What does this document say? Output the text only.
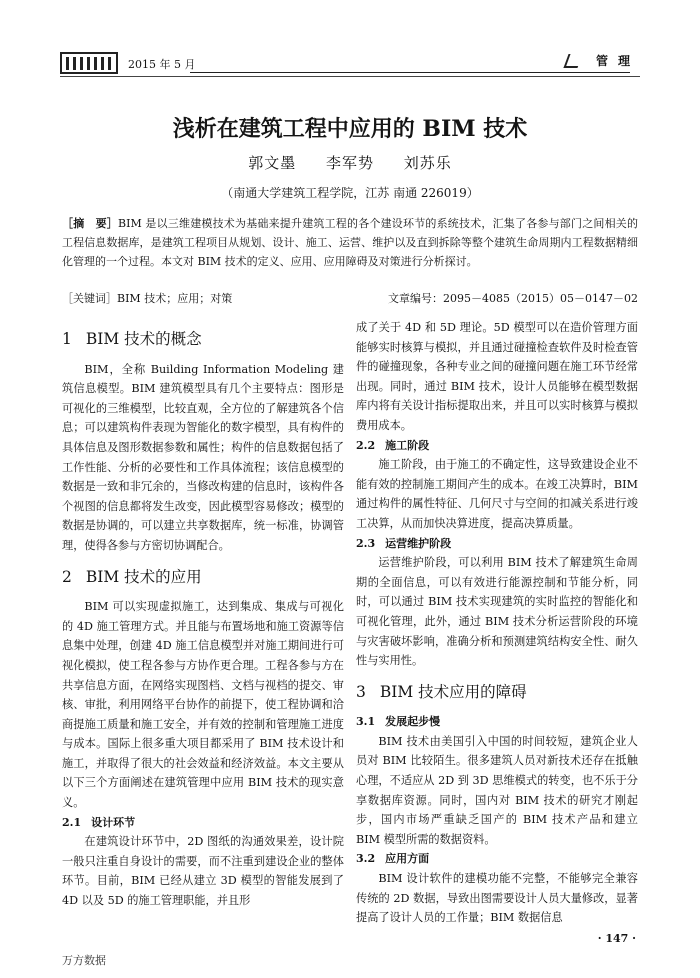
2015 年 5 月	管理
浅析在建筑工程中应用的 BIM 技术
郭文墨 李军势 刘苏乐
（南通大学建筑工程学院，江苏 南通 226019）
［摘　要］BIM 是以三维建模技术为基础来提升建筑工程的各个建设环节的系统技术，汇集了各参与部门之间相关的工程信息数据库，是建筑工程项目从规划、设计、施工、运营、维护以及直到拆除等整个建筑生命周期内工程数据精细化管理的一个过程。本文对 BIM 技术的定义、应用、应用障碍及对策进行分析探讨。
［关键词］BIM 技术；应用；对策	文章编号：2095－4085（2015）05－0147－02
1 BIM 技术的概念

BIM，全称 Building Information Modeling 建筑信息模型。BIM 建筑模型具有几个主要特点：图形是可视化的三维模型，比较直观，全方位的了解建筑各个信息；可以建筑构件表现为智能化的数字模型，具有构件的具体信息及图形数据参数和属性；构件的信息数据包括了工作性能、分析的必要性和工作具体流程；该信息模型的数据是一致和非冗余的，当修改构建的信息时，该构件各个视图的信息都将发生改变，因此模型容易修改；模型的数据是协调的，可以建立共享数据库，统一标准，协调管理，使得各参与方密切协调配合。

2 BIM 技术的应用

BIM 可以实现虚拟施工，达到集成、集成与可视化的 4D 施工管理方式。并且能与布置场地和施工资源等信息集中处理，创建 4D 施工信息模型并对施工期间进行可视化模拟，使工程各参与方协作更合理。工程各参与方在共享信息方面，在网络实现图档、文档与视档的提交、审核、审批，利用网络平台协作的前提下，使工程协调和洽商提施工质量和施工安全，并有效的控制和管理施工进度与成本。国际上很多重大项目都采用了 BIM 技术设计和施工，并取得了很大的社会效益和经济效益。本文主要从以下三个方面阐述在建筑管理中应用 BIM 技术的现实意义。

2.1 设计环节

在建筑设计环节中，2D 图纸的沟通效果差，设计院一般只注重自身设计的需要，而不注重到建设企业的整体环节。目前，BIM 已经从建立 3D 模型的智能发展到了 4D 以及 5D 的施工管理职能，并且形

成了关于 4D 和 5D 理论。5D 模型可以在造价管理方面能够实时核算与模拟，并且通过碰撞检查软件及时检查管件的碰撞现象，各种专业之间的碰撞问题在施工环节经常出现。同时，通过 BIM 技术，设计人员能够在模型数据库内将有关设计指标提取出来，并且可以实时核算与模拟费用成本。

2.2 施工阶段

施工阶段，由于施工的不确定性，这导致建设企业不能有效的控制施工期间产生的成本。在竣工决算时，BIM 通过构件的属性特征、几何尺寸与空间的扣减关系进行竣工决算，从而加快决算进度，提高决算质量。

2.3 运营维护阶段

运营维护阶段，可以利用 BIM 技术了解建筑生命周期的全面信息，可以有效进行能源控制和节能分析，同时，可以通过 BIM 技术实现建筑的实时监控的智能化和可视化管理，此外，通过 BIM 技术分析运营阶段的环境与灾害破坏影响，准确分析和预测建筑结构安全性、耐久性与实用性。

3 BIM 技术应用的障碍
3.1 发展起步慢

BIM 技术由美国引入中国的时间较短，建筑企业人员对 BIM 比较陌生。很多建筑人员对新技术还存在抵触心理，不适应从 2D 到 3D 思维模式的转变，也不乐于分享数据库资源。同时，国内对 BIM 技术的研究才刚起步，国内市场严重缺乏国产的 BIM 技术产品和建立 BIM 模型所需的数据资料。

3.2 应用方面

BIM 设计软件的建模功能不完整，不能够完全兼容传统的 2D 数据，导致出图需要设计人员大量修改，显著提高了设计人员的工作量；BIM 数据信息

· 147 ·
万方数据
